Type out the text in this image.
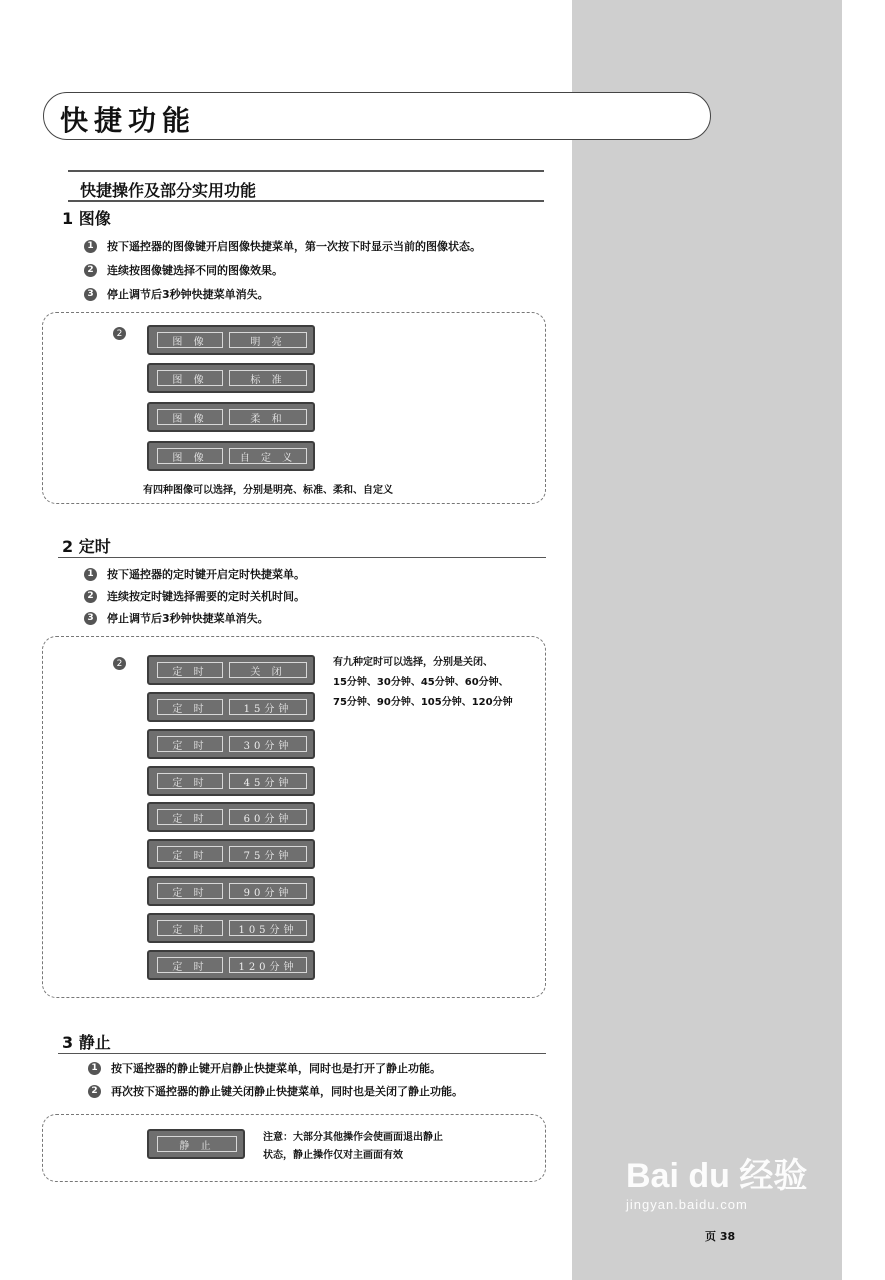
快捷功能
快捷操作及部分实用功能
1 图像
1	按下遥控器的图像键开启图像快捷菜单，第一次按下时显示当前的图像状态。
2	连续按图像键选择不同的图像效果。
3	停止调节后3秒钟快捷菜单消失。
2
图 像	明 亮
图 像	标 准
图 像	柔 和
图 像	自 定 义
有四种图像可以选择，分别是明亮、标准、柔和、自定义
2 定时
1	按下遥控器的定时键开启定时快捷菜单。
2	连续按定时键选择需要的定时关机时间。
3	停止调节后3秒钟快捷菜单消失。
2
定 时	关 闭
定 时	15分钟
定 时	30分钟
定 时	45分钟
定 时	60分钟
定 时	75分钟
定 时	90分钟
定 时	105分钟
定 时	120分钟
有九种定时可以选择，分别是关闭、
15分钟、30分钟、45分钟、60分钟、
75分钟、90分钟、105分钟、120分钟
3 静止
1	按下遥控器的静止键开启静止快捷菜单，同时也是打开了静止功能。
2	再次按下遥控器的静止键关闭静止快捷菜单，同时也是关闭了静止功能。
静 止
注意：大部分其他操作会使画面退出静止
状态，静止操作仅对主画面有效
Bai du 经验
jingyan.baidu.com
页 38
